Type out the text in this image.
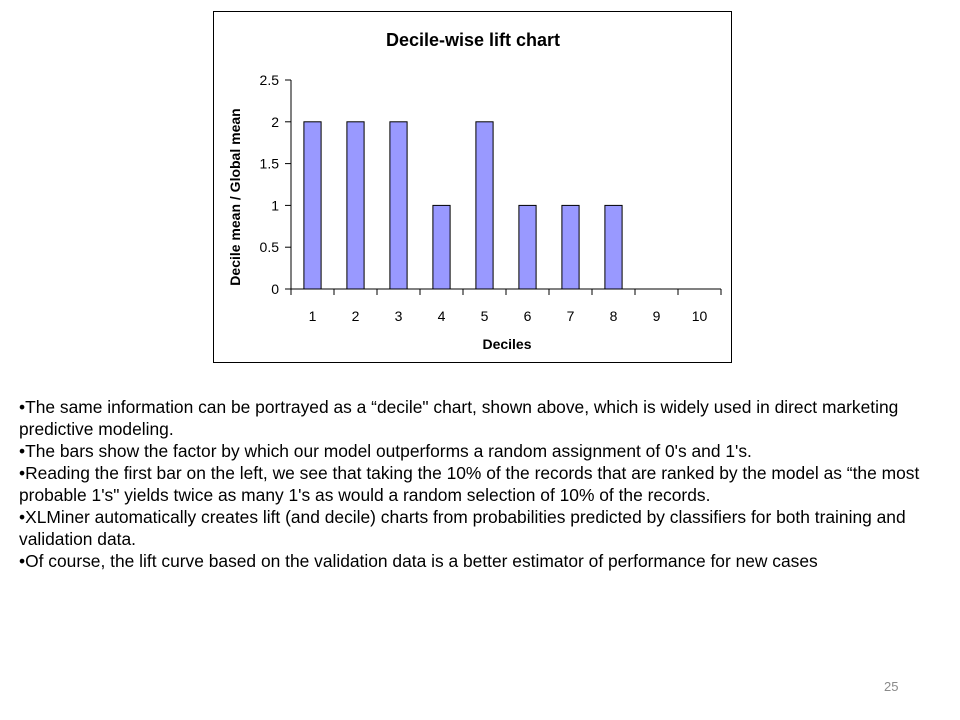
Decile-wise lift chart
Decile mean / Global mean
Deciles
0
0.5
1
1.5
2
2.5
1	2	3	4	5	6	7	8	9 10
•The same information can be portrayed as a “decile" chart, shown above, which is widely used in direct marketing predictive modeling.
•The bars show the factor by which our model outperforms a random assignment of 0's and 1's.
•Reading the first bar on the left, we see that taking the 10% of the records that are ranked by the model as “the most probable 1's" yields twice as many 1's as would a random selection of 10% of the records.
•XLMiner automatically creates lift (and decile) charts from probabilities predicted by classifiers for both training and validation data.
•Of course, the lift curve based on the validation data is a better estimator of performance for new cases
25
